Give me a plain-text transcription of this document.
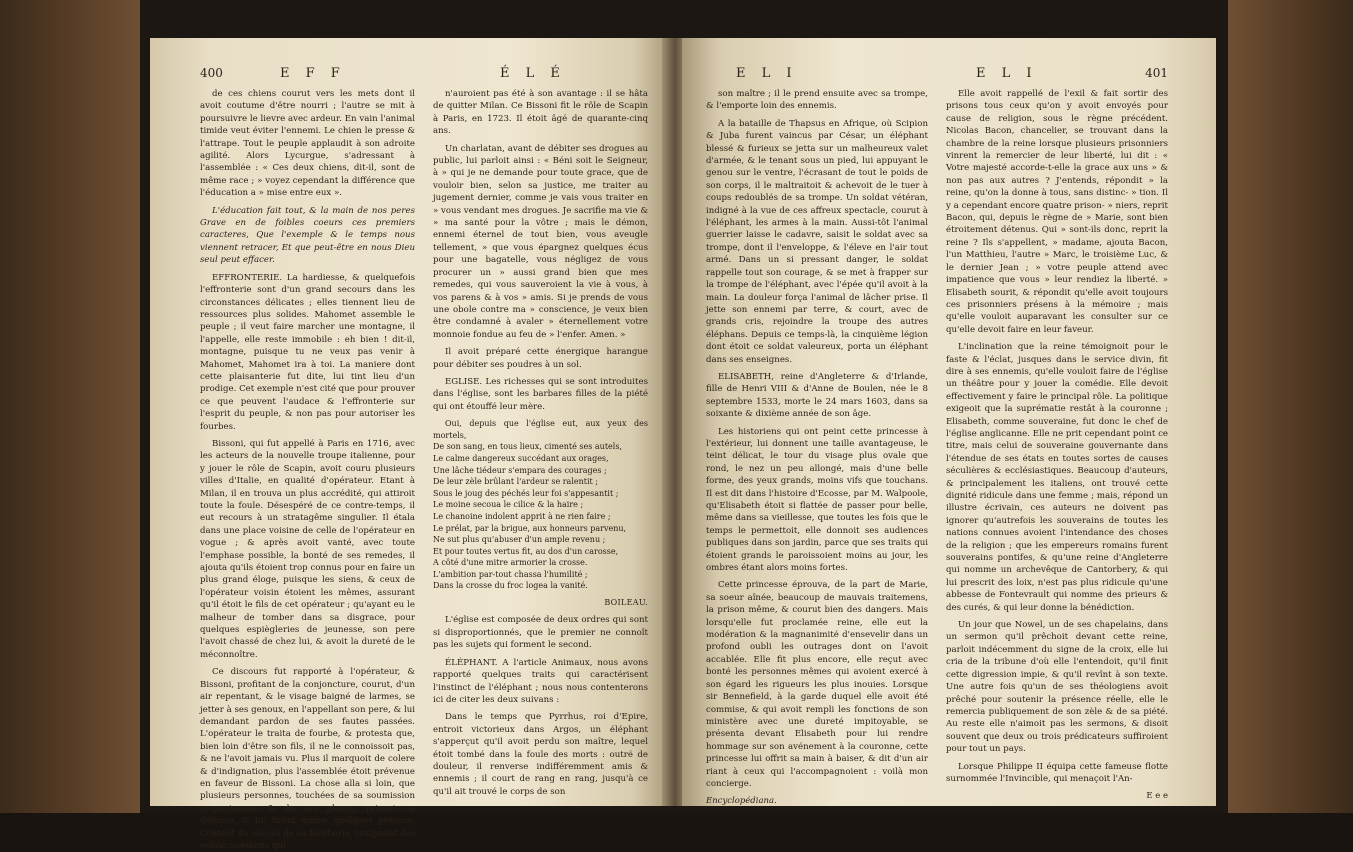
400	E F F	É L É

de ces chiens courut vers les mets dont il avoit coutume d'être nourri ; l'autre se mit à poursuivre le lievre avec ardeur. En vain l'animal timide veut éviter l'ennemi. Le chien le presse & l'attrape. Tout le peuple applaudit à son adroite agilité. Alors Lycurgue, s'adressant à l'assemblée : « Ces deux chiens, dit-il, sont de même race ; » voyez cependant la différence que l'éducation a » mise entre eux ».

L'éducation fait tout, & la main de nos peres Grave en de foibles coeurs ces premiers caracteres, Que l'exemple & le temps nous viennent retracer, Et que peut-être en nous Dieu seul peut effacer.

EFFRONTERIE. La hardiesse, & quelquefois l'effronterie sont d'un grand secours dans les circonstances délicates ; elles tiennent lieu de ressources plus solides. Mahomet assemble le peuple ; il veut faire marcher une montagne, il l'appelle, elle reste immobile : eh bien ! dit-il, montagne, puisque tu ne veux pas venir à Mahomet, Mahomet ira à toi. La maniere dont cette plaisanterie fut dite, lui tint lieu d'un prodige. Cet exemple n'est cité que pour prouver ce que peuvent l'audace & l'effronterie sur l'esprit du peuple, & non pas pour autoriser les fourbes.

Bissoni, qui fut appellé à Paris en 1716, avec les acteurs de la nouvelle troupe italienne, pour y jouer le rôle de Scapin, avoit couru plusieurs villes d'Italie, en qualité d'opérateur. Etant à Milan, il en trouva un plus accrédité, qui attiroit toute la foule. Désespéré de ce contre-temps, il eut recours à un stratagême singulier. Il étala dans une place voisine de celle de l'opérateur en vogue ; & après avoit vanté, avec toute l'emphase possible, la bonté de ses remedes, il ajouta qu'ils étoient trop connus pour en faire un plus grand éloge, puisque les siens, & ceux de l'opérateur voisin étoient les mêmes, assurant qu'il étoit le fils de cet opérateur ; qu'ayant eu le malheur de tomber dans sa disgrace, pour quelques espiègleries de jeunesse, son pere l'avoit chassé de chez lui, & avoit la dureté de le méconnoître.

Ce discours fut rapporté à l'opérateur, & Bissoni, profitant de la conjoncture, courut, d'un air repentant, & le visage baigné de larmes, se jetter à ses genoux, en l'appellant son pere, & lui demandant pardon de ses fautes passées. L'opérateur le traita de fourbe, & protesta que, bien loin d'être son fils, il ne le connoissoit pas, & ne l'avoit jamais vu. Plus il marquoit de colere & d'indignation, plus l'assemblée étoit prévenue en faveur de Bissoni. La chose alla si loin, que plusieurs personnes, touchées de sa soumission respectueuse & de ses pleurs, prirent sa défense, & lui firent même quelques présens. Content du succès de sa fourberie, craignant des éclaircissemens qui

n'auroient pas été à son avantage : il se hâta de quitter Milan. Ce Bissoni fit le rôle de Scapin à Paris, en 1723. Il étoit âgé de quarante-cinq ans.

Un charlatan, avant de débiter ses drogues au public, lui parloit ainsi : « Béni soit le Seigneur, à » qui je ne demande pour toute grace, que de vouloir bien, selon sa justice, me traiter au jugement dernier, comme je vais vous traiter en » vous vendant mes drogues. Je sacrifie ma vie & » ma santé pour la vôtre ; mais le démon, ennemi éternel de tout bien, vous aveugle tellement, » que vous épargnez quelques écus pour une bagatelle, vous négligez de vous procurer un » aussi grand bien que mes remedes, qui vous sauveroient la vie à vous, à vos parens & à vos » amis. Si je prends de vous une obole contre ma » conscience, je veux bien être condamné à avaler » éternellement votre monnoie fondue au feu de » l'enfer. Amen. »

Il avoit préparé cette énergique harangue pour débiter ses poudres à un sol.

EGLISE. Les richesses qui se sont introduites dans l'église, sont les barbares filles de la piété qui ont étouffé leur mère.

Oui, depuis que l'église eut, aux yeux des mortels,
De son sang, en tous lieux, cimenté ses autels,
Le calme dangereux succédant aux orages,
Une lâche tiédeur s'empara des courages ;
De leur zèle brûlant l'ardeur se ralentit ;
Sous le joug des péchés leur foi s'appesantit ;
Le moine secoua le cilice & la haire ;
Le chanoine indolent apprit à ne rien faire ;
Le prélat, par la brigue, aux honneurs parvenu,
Ne sut plus qu'abuser d'un ample revenu ;
Et pour toutes vertus fit, au dos d'un carosse,
A côté d'une mitre armorier la crosse.
L'ambition par-tout chassa l'humilité ;
Dans la crosse du froc logea la vanité.

BOILEAU.

L'église est composée de deux ordres qui sont si disproportionnés, que le premier ne connoît pas les sujets qui forment le second.

ÉLÉPHANT. A l'article Animaux, nous avons rapporté quelques traits qui caractérisent l'instinct de l'éléphant ; nous nous contenterons ici de citer les deux suivans :

Dans le temps que Pyrrhus, roi d'Epire, entroit victorieux dans Argos, un éléphant s'apperçut qu'il avoit perdu son maître, lequel étoit tombé dans la foule des morts : outré de douleur, il renverse indifféremment amis & ennemis ; il court de rang en rang, jusqu'à ce qu'il ait trouvé le corps de son

E L I	E L I	401

son maître ; il le prend ensuite avec sa trompe, & l'emporte loin des ennemis.

A la bataille de Thapsus en Afrique, où Scipion & Juba furent vaincus par César, un éléphant blessé & furieux se jetta sur un malheureux valet d'armée, & le tenant sous un pied, lui appuyant le genou sur le ventre, l'écrasant de tout le poids de son corps, il le maltraitoit & achevoit de le tuer à coups redoublés de sa trompe. Un soldat vétéran, indigné à la vue de ces affreux spectacle, courut à l'éléphant, les armes à la main. Aussi-tôt l'animal guerrier laisse le cadavre, saisit le soldat avec sa trompe, dont il l'enveloppe, & l'éleve en l'air tout armé. Dans un si pressant danger, le soldat rappelle tout son courage, & se met à frapper sur la trompe de l'éléphant, avec l'épée qu'il avoit à la main. La douleur força l'animal de lâcher prise. Il jette son ennemi par terre, & court, avec de grands cris, rejoindre la troupe des autres éléphans. Depuis ce temps-là, la cinquième légion dont étoit ce soldat valeureux, porta un éléphant dans ses enseignes.

ELISABETH, reine d'Angleterre & d'Irlande, fille de Henri VIII & d'Anne de Boulen, née le 8 septembre 1533, morte le 24 mars 1603, dans sa soixante & dixième année de son âge.

Les historiens qui ont peint cette princesse à l'extérieur, lui donnent une taille avantageuse, le teint délicat, le tour du visage plus ovale que rond, le nez un peu allongé, mais d'une belle forme, des yeux grands, moins vifs que touchans. Il est dit dans l'histoire d'Ecosse, par M. Walpoole, qu'Elisabeth étoit si flattée de passer pour belle, même dans sa vieillesse, que toutes les fois que le temps le permettoit, elle donnoit ses audiences publiques dans son jardin, parce que ses traits qui étoient grands le paroissoient moins au jour, les ombres étant alors moins fortes.

Cette princesse éprouva, de la part de Marie, sa soeur aînée, beaucoup de mauvais traitemens, la prison même, & courut bien des dangers. Mais lorsqu'elle fut proclamée reine, elle eut la modération & la magnanimité d'ensevelir dans un profond oubli les outrages dont on l'avoit accablée. Elle fit plus encore, elle reçut avec bonté les personnes mêmes qui avoient exercé à son égard les rigueurs les plus inouies. Lorsque sir Bennefield, à la garde duquel elle avoit été commise, & qui avoit rempli les fonctions de son ministère avec une dureté impitoyable, se présenta devant Elisabeth pour lui rendre hommage sur son avénement à la couronne, cette princesse lui offrit sa main à baiser, & dit d'un air riant à ceux qui l'accompagnoient : voilà mon concierge.

Encyclopédiana.

Elle avoit rappellé de l'exil & fait sortir des prisons tous ceux qu'on y avoit envoyés pour cause de religion, sous le règne précédent. Nicolas Bacon, chancelier, se trouvant dans la chambre de la reine lorsque plusieurs prisonniers vinrent la remercier de leur liberté, lui dit : « Votre majesté accorde-t-elle la grace aux uns » & non pas aux autres ? J'entends, répondit » la reine, qu'on la donne à tous, sans distinc- » tion. Il y a cependant encore quatre prison- » niers, reprit Bacon, qui, depuis le règne de » Marie, sont bien étroitement détenus. Qui » sont-ils donc, reprit la reine ? Ils s'appellent, » madame, ajouta Bacon, l'un Matthieu, l'autre » Marc, le troisième Luc, & le dernier Jean ; » votre peuple attend avec impatience que vous » leur rendiez la liberté. » Elisabeth sourit, & répondit qu'elle avoit toujours ces prisonniers présens à la mémoire ; mais qu'elle vouloit auparavant les consulter sur ce qu'elle devoit faire en leur faveur.

L'inclination que la reine témoignoit pour le faste & l'éclat, jusques dans le service divin, fit dire à ses ennemis, qu'elle vouloit faire de l'église un théâtre pour y jouer la comédie. Elle devoit effectivement y faire le principal rôle. La politique exigeoit que la suprématie restât à la couronne ; Elisabeth, comme souveraine, fut donc le chef de l'église anglicanne. Elle ne prit cependant point ce titre, mais celui de souveraine gouvernante dans l'étendue de ses états en toutes sortes de causes séculières & ecclésiastiques. Beaucoup d'auteurs, & principalement les italiens, ont trouvé cette dignité ridicule dans une femme ; mais, répond un illustre écrivain, ces auteurs ne doivent pas ignorer qu'autrefois les souverains de toutes les nations connues avoient l'intendance des choses de la religion ; que les empereurs romains furent souverains pontifes, & qu'une reine d'Angleterre qui nomme un archevêque de Cantorbery, & qui lui prescrit des loix, n'est pas plus ridicule qu'une abbesse de Fontevrault qui nomme des prieurs & des curés, & qui leur donne la bénédiction.

Un jour que Nowel, un de ses chapelains, dans un sermon qu'il prêchoit devant cette reine, parloit indécemment du signe de la croix, elle lui cria de la tribune d'où elle l'entendoit, qu'il finit cette digression impie, & qu'il revînt à son texte. Une autre fois qu'un de ses théologiens avoit prêché pour soutenir la présence réelle, elle le remercia publiquement de son zèle & de sa piété. Au reste elle n'aimoit pas les sermons, & disoit souvent que deux ou trois prédicateurs suffiroient pour tout un pays.

Lorsque Philippe II équipa cette fameuse flotte surnommée l'Invincible, qui menaçoit l'An-

E e e
